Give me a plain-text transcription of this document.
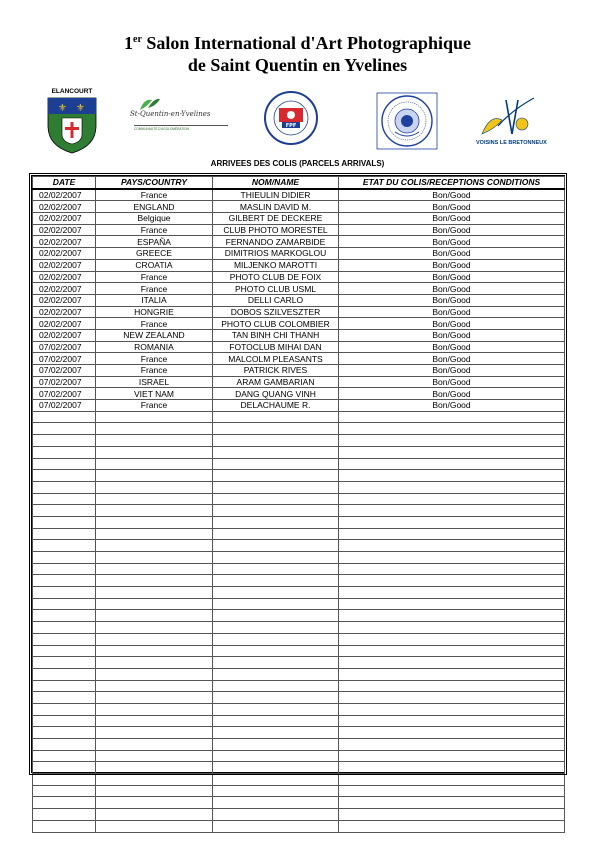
1er Salon International d'Art Photographique
de Saint Quentin en Yvelines
ELANCOURT
⚜ ⚜	St-Quentin-en-Yvelines
COMMUNAUTÉ D'AGGLOMÉRATION	FPF
VOISINS LE BRETONNEUX
ARRIVEES DES COLIS (PARCELS ARRIVALS)
DATE	PAYS/COUNTRY	NOM/NAME	ETAT DU COLIS/RECEPTIONS CONDITIONS
02/02/2007	France	THIEULIN DIDIER	Bon/Good
02/02/2007	ENGLAND	MASLIN DAVID M.	Bon/Good
02/02/2007	Belgique	GILBERT DE DECKERE	Bon/Good
02/02/2007	France	CLUB PHOTO MORESTEL	Bon/Good
02/02/2007	ESPAÑA	FERNANDO ZAMARBIDE	Bon/Good
02/02/2007	GREECE	DIMITRIOS MARKOGLOU	Bon/Good
02/02/2007	CROATIA	MILJENKO MAROTTI	Bon/Good
02/02/2007	France	PHOTO CLUB DE FOIX	Bon/Good
02/02/2007	France	PHOTO CLUB USML	Bon/Good
02/02/2007	ITALIA	DELLI CARLO	Bon/Good
02/02/2007	HONGRIE	DOBOS SZILVESZTER	Bon/Good
02/02/2007	France	PHOTO CLUB COLOMBIER	Bon/Good
02/02/2007	NEW ZEALAND	TAN BINH CHI THANH	Bon/Good
07/02/2007	ROMANIA	FOTOCLUB MIHAI DAN	Bon/Good
07/02/2007	France	MALCOLM PLEASANTS	Bon/Good
07/02/2007	France	PATRICK RIVES	Bon/Good
07/02/2007	ISRAEL	ARAM GAMBARIAN	Bon/Good
07/02/2007	VIET NAM	DANG QUANG VINH	Bon/Good
07/02/2007	France	DELACHAUME R.	Bon/Good
